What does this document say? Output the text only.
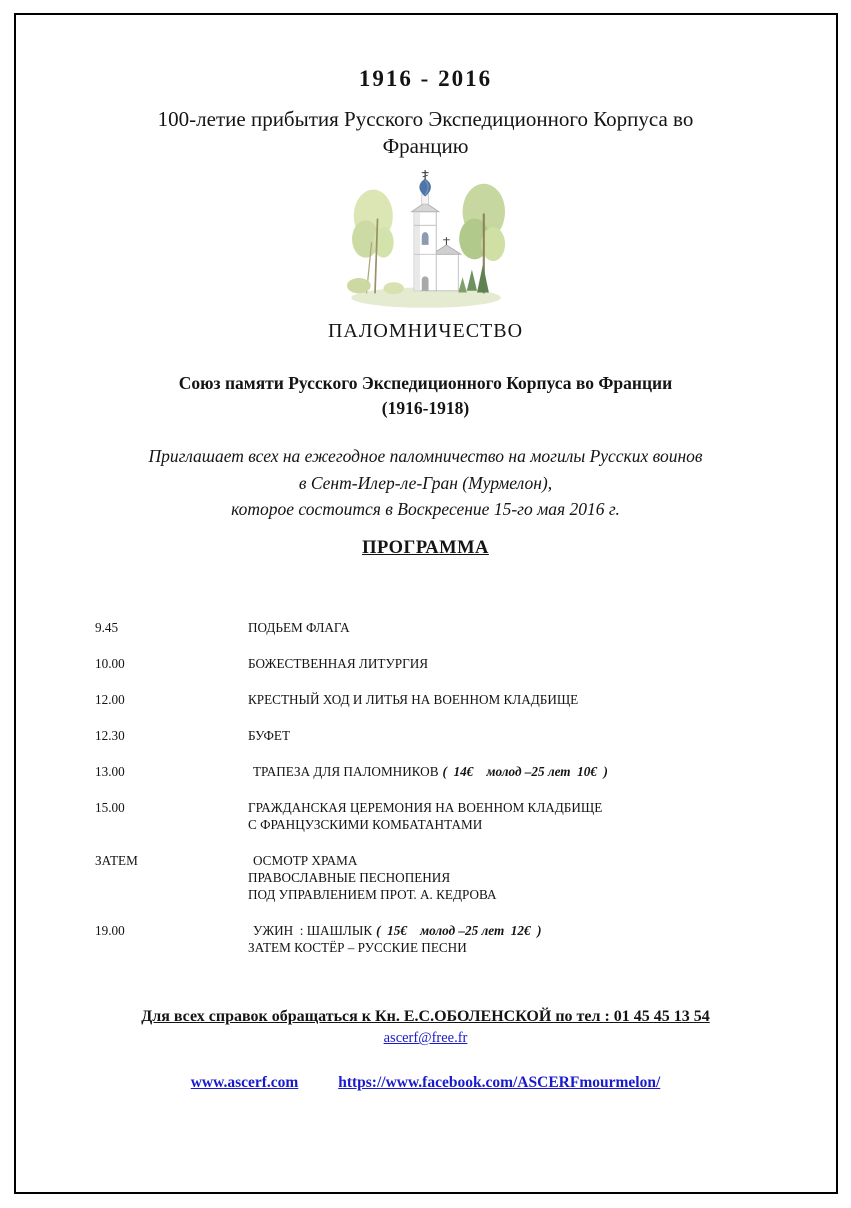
1916 - 2016
100-летие прибытия Русского Экспедиционного Корпуса во Францию
ПАЛОМНИЧЕСТВО
Союз памяти Русского Экспедиционного Корпуса во Франции
(1916-1918)
Приглашает всех на ежегодное паломничество на могилы Русских воинов
в Сент-Илер-ле-Гран (Мурмелон),
которое состоится в Воскресение 15-го мая 2016 г.
ПРОГРАММА
9.45	ПОДЬЕМ ФЛАГА
10.00	БОЖЕСТВЕННАЯ ЛИТУРГИЯ
12.00	КРЕСТНЫЙ ХОД И ЛИТЬЯ НА ВОЕННОМ КЛАДБИЩЕ
12.30	БУФЕТ
13.00	ТРАПЕЗА ДЛЯ ПАЛОМНИКОВ (  14€    молод –25 лет  10€  )
15.00	ГРАЖДАНСКАЯ ЦЕРЕМОНИЯ НА ВОЕННОМ КЛАДБИЩЕ
С ФРАНЦУЗСКИМИ КОМБАТАНТАМИ
ЗАТЕМ	ОСМОТР ХРАМА
ПРАВОСЛАВНЫЕ ПЕСНОПЕНИЯ
ПОД УПРАВЛЕНИЕМ ПРОТ. А. КЕДРОВА
19.00	УЖИН  : ШАШЛЫК (  15€    молод –25 лет  12€  )
ЗАТЕМ КОСТЁР – РУССКИЕ ПЕСНИ
Для всех справок обращаться к Кн. Е.С.ОБОЛЕНСКОЙ по тел : 01 45 45 13 54
ascerf@free.fr
www.ascerf.com	https://www.facebook.com/ASCERFmourmelon/
